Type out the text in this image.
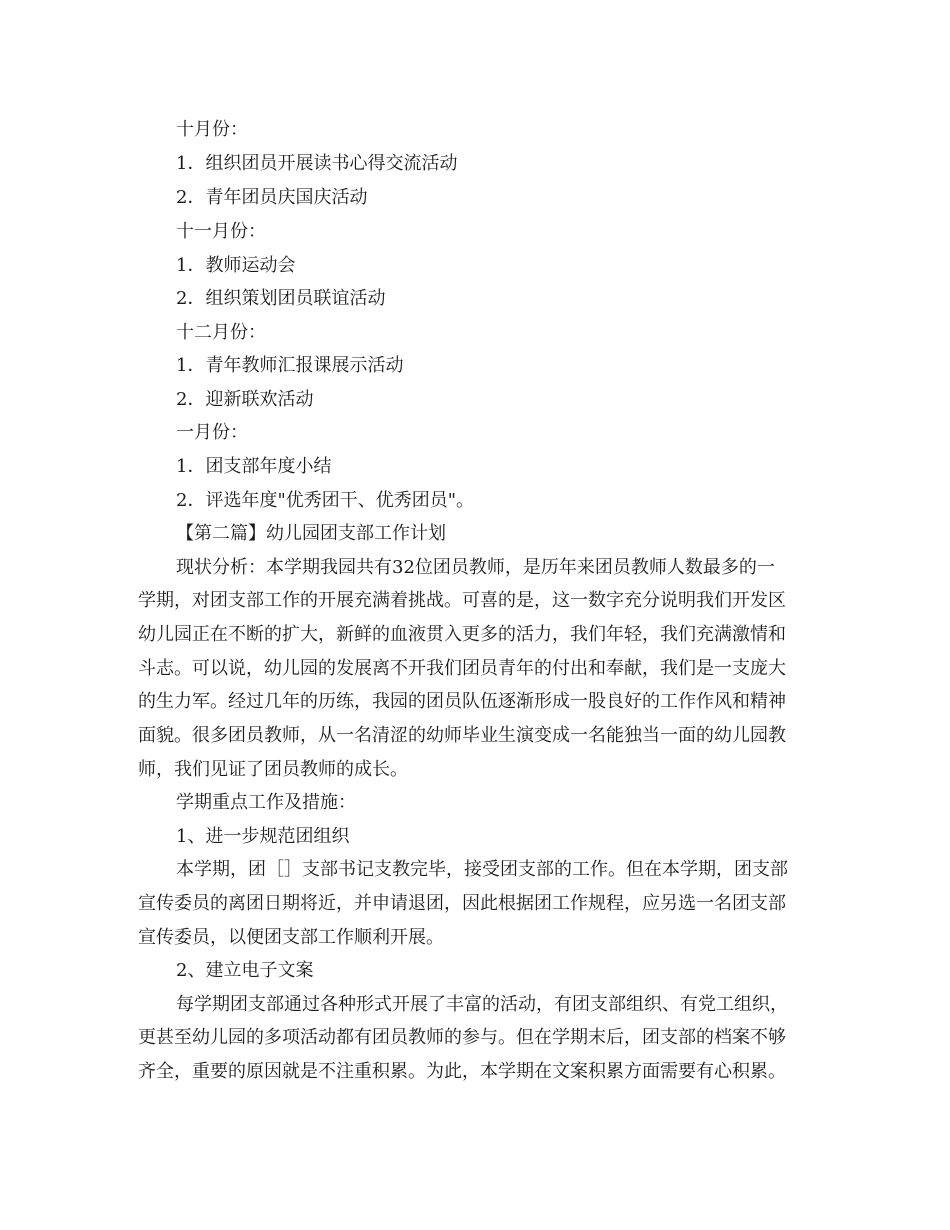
十月份：
1．组织团员开展读书心得交流活动
2．青年团员庆国庆活动
十一月份：
1．教师运动会
2．组织策划团员联谊活动
十二月份：
1．青年教师汇报课展示活动
2．迎新联欢活动
一月份：
1．团支部年度小结
2．评选年度"优秀团干、优秀团员"。
【第二篇】幼儿园团支部工作计划
现状分析：本学期我园共有32位团员教师，是历年来团员教师人数最多的一
学期，对团支部工作的开展充满着挑战。可喜的是，这一数字充分说明我们开发区
幼儿园正在不断的扩大，新鲜的血液贯入更多的活力，我们年轻，我们充满激情和
斗志。可以说，幼儿园的发展离不开我们团员青年的付出和奉献，我们是一支庞大
的生力军。经过几年的历练，我园的团员队伍逐渐形成一股良好的工作作风和精神
面貌。很多团员教师，从一名清涩的幼师毕业生演变成一名能独当一面的幼儿园教
师，我们见证了团员教师的成长。
学期重点工作及措施：
1、进一步规范团组织
本学期，团［］支部书记支教完毕，接受团支部的工作。但在本学期，团支部
宣传委员的离团日期将近，并申请退团，因此根据团工作规程，应另选一名团支部
宣传委员，以便团支部工作顺利开展。
2、建立电子文案
每学期团支部通过各种形式开展了丰富的活动，有团支部组织、有党工组织，
更甚至幼儿园的多项活动都有团员教师的参与。但在学期末后，团支部的档案不够
齐全，重要的原因就是不注重积累。为此，本学期在文案积累方面需要有心积累。
